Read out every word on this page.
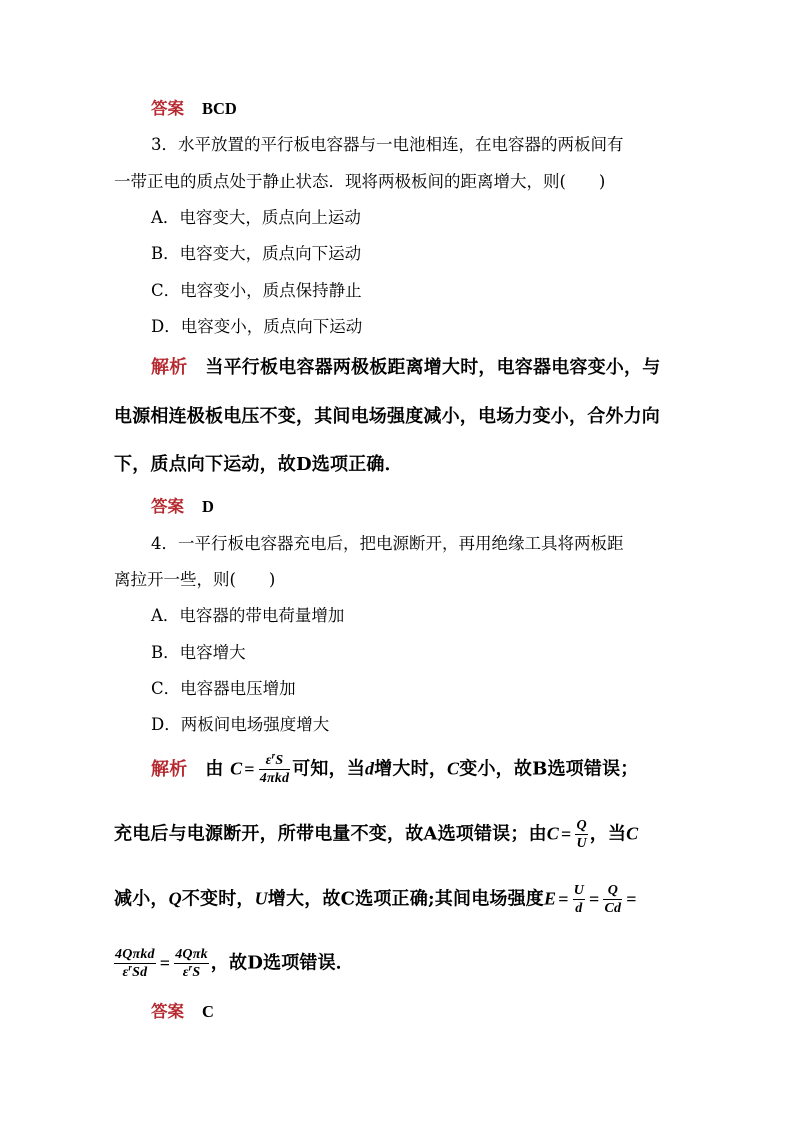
答案 BCD
3．水平放置的平行板电容器与一电池相连，在电容器的两板间有
一带正电的质点处于静止状态．现将两极板间的距离增大，则(　　)
A．电容变大，质点向上运动
B．电容变大，质点向下运动
C．电容变小，质点保持静止
D．电容变小，质点向下运动
解析 当平行板电容器两极板距离增大时，电容器电容变小，与
电源相连极板电压不变，其间电场强度减小，电场力变小，合外力向
下，质点向下运动，故D选项正确．
答案 D
4．一平行板电容器充电后，把电源断开，再用绝缘工具将两板距
离拉开一些，则(　　)
A．电容器的带电荷量增加
B．电容增大
C．电容器电压增加
D．两板间电场强度增大
解析 由 $C = \frac{\varepsilon^rS}{\text{4πkd}}$ 可知，当d增大时，C变小，故B选项错误；
充电后与电源断开，所带电量不变，故A选项错误；由$C = \frac{Q}{U}$ ，当C
减小，Q不变时，U增大，故C选项正确;其间电场强度$E = \frac{U}{d} = \frac{Q}{Cd}$ =
$\frac{\text{4Qπkd}}{\varepsilon^rSd} = \frac{\text{4Qπk}}{\varepsilon^rS}$ ，故D选项错误．
答案 C
